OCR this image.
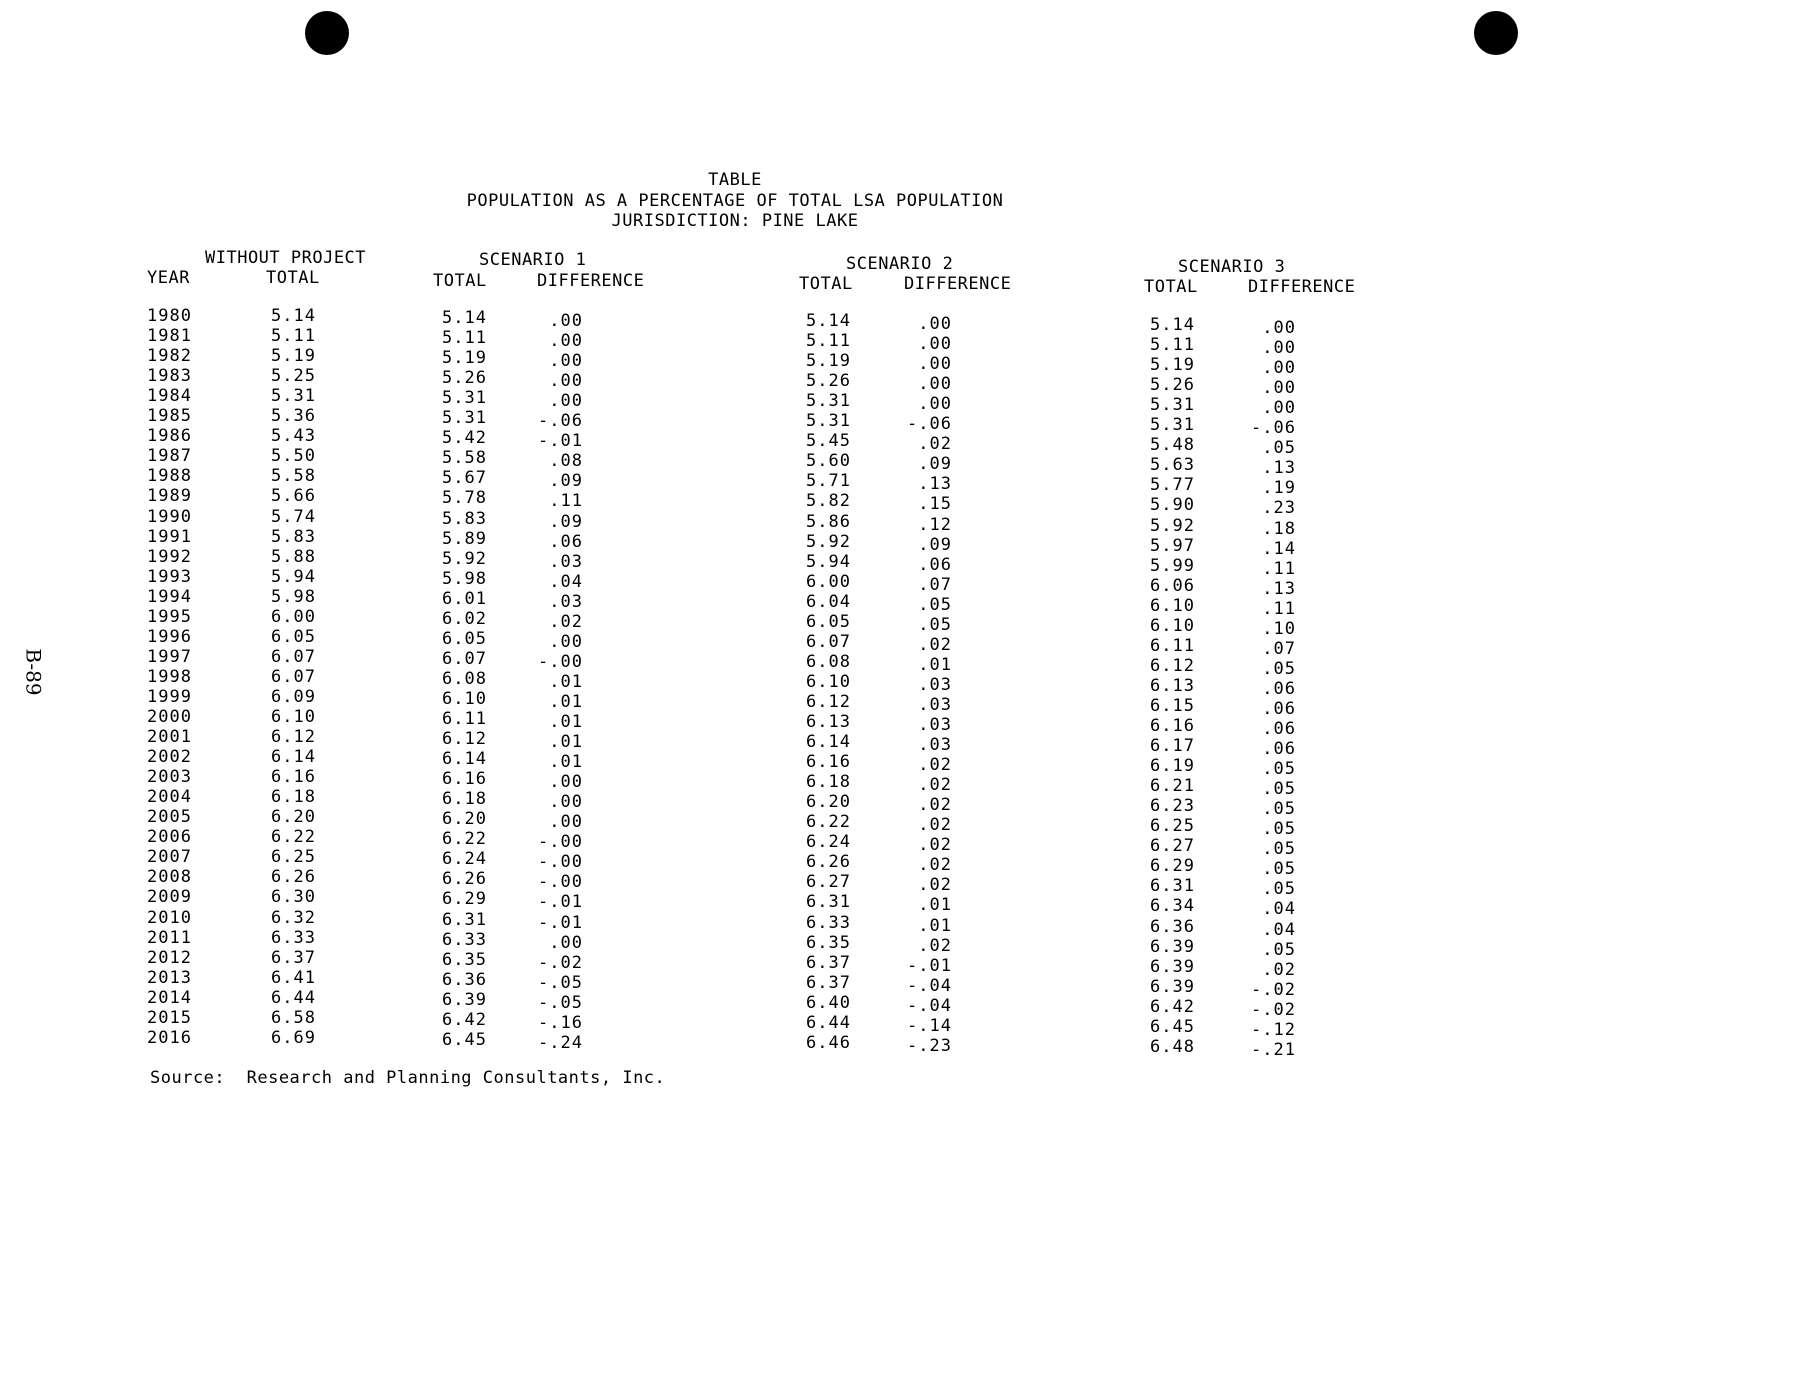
B-89
TABLE
POPULATION AS A PERCENTAGE OF TOTAL LSA POPULATION
JURISDICTION: PINE LAKE
WITHOUT PROJECT
YEAR	TOTAL
SCENARIO 1
TOTAL	DIFFERENCE
SCENARIO 2
TOTAL	DIFFERENCE
SCENARIO 3
TOTAL	DIFFERENCE
1980	5.14	5.14	.00	5.14	.00	5.14	.00
1981	5.11	5.11	.00	5.11	.00	5.11	.00
1982	5.19	5.19	.00	5.19	.00	5.19	.00
1983	5.25	5.26	.00	5.26	.00	5.26	.00
1984	5.31	5.31	.00	5.31	.00	5.31	.00
1985	5.36	5.31	-.06	5.31	-.06	5.31	-.06
1986	5.43	5.42	-.01	5.45	.02	5.48	.05
1987	5.50	5.58	.08	5.60	.09	5.63	.13
1988	5.58	5.67	.09	5.71	.13	5.77	.19
1989	5.66	5.78	.11	5.82	.15	5.90	.23
1990	5.74	5.83	.09	5.86	.12	5.92	.18
1991	5.83	5.89	.06	5.92	.09	5.97	.14
1992	5.88	5.92	.03	5.94	.06	5.99	.11
1993	5.94	5.98	.04	6.00	.07	6.06	.13
1994	5.98	6.01	.03	6.04	.05	6.10	.11
1995	6.00	6.02	.02	6.05	.05	6.10	.10
1996	6.05	6.05	.00	6.07	.02	6.11	.07
1997	6.07	6.07	-.00	6.08	.01	6.12	.05
1998	6.07	6.08	.01	6.10	.03	6.13	.06
1999	6.09	6.10	.01	6.12	.03	6.15	.06
2000	6.10	6.11	.01	6.13	.03	6.16	.06
2001	6.12	6.12	.01	6.14	.03	6.17	.06
2002	6.14	6.14	.01	6.16	.02	6.19	.05
2003	6.16	6.16	.00	6.18	.02	6.21	.05
2004	6.18	6.18	.00	6.20	.02	6.23	.05
2005	6.20	6.20	.00	6.22	.02	6.25	.05
2006	6.22	6.22	-.00	6.24	.02	6.27	.05
2007	6.25	6.24	-.00	6.26	.02	6.29	.05
2008	6.26	6.26	-.00	6.27	.02	6.31	.05
2009	6.30	6.29	-.01	6.31	.01	6.34	.04
2010	6.32	6.31	-.01	6.33	.01	6.36	.04
2011	6.33	6.33	.00	6.35	.02	6.39	.05
2012	6.37	6.35	-.02	6.37	-.01	6.39	.02
2013	6.41	6.36	-.05	6.37	-.04	6.39	-.02
2014	6.44	6.39	-.05	6.40	-.04	6.42	-.02
2015	6.58	6.42	-.16	6.44	-.14	6.45	-.12
2016	6.69	6.45	-.24	6.46	-.23	6.48	-.21
Source:  Research and Planning Consultants, Inc.
